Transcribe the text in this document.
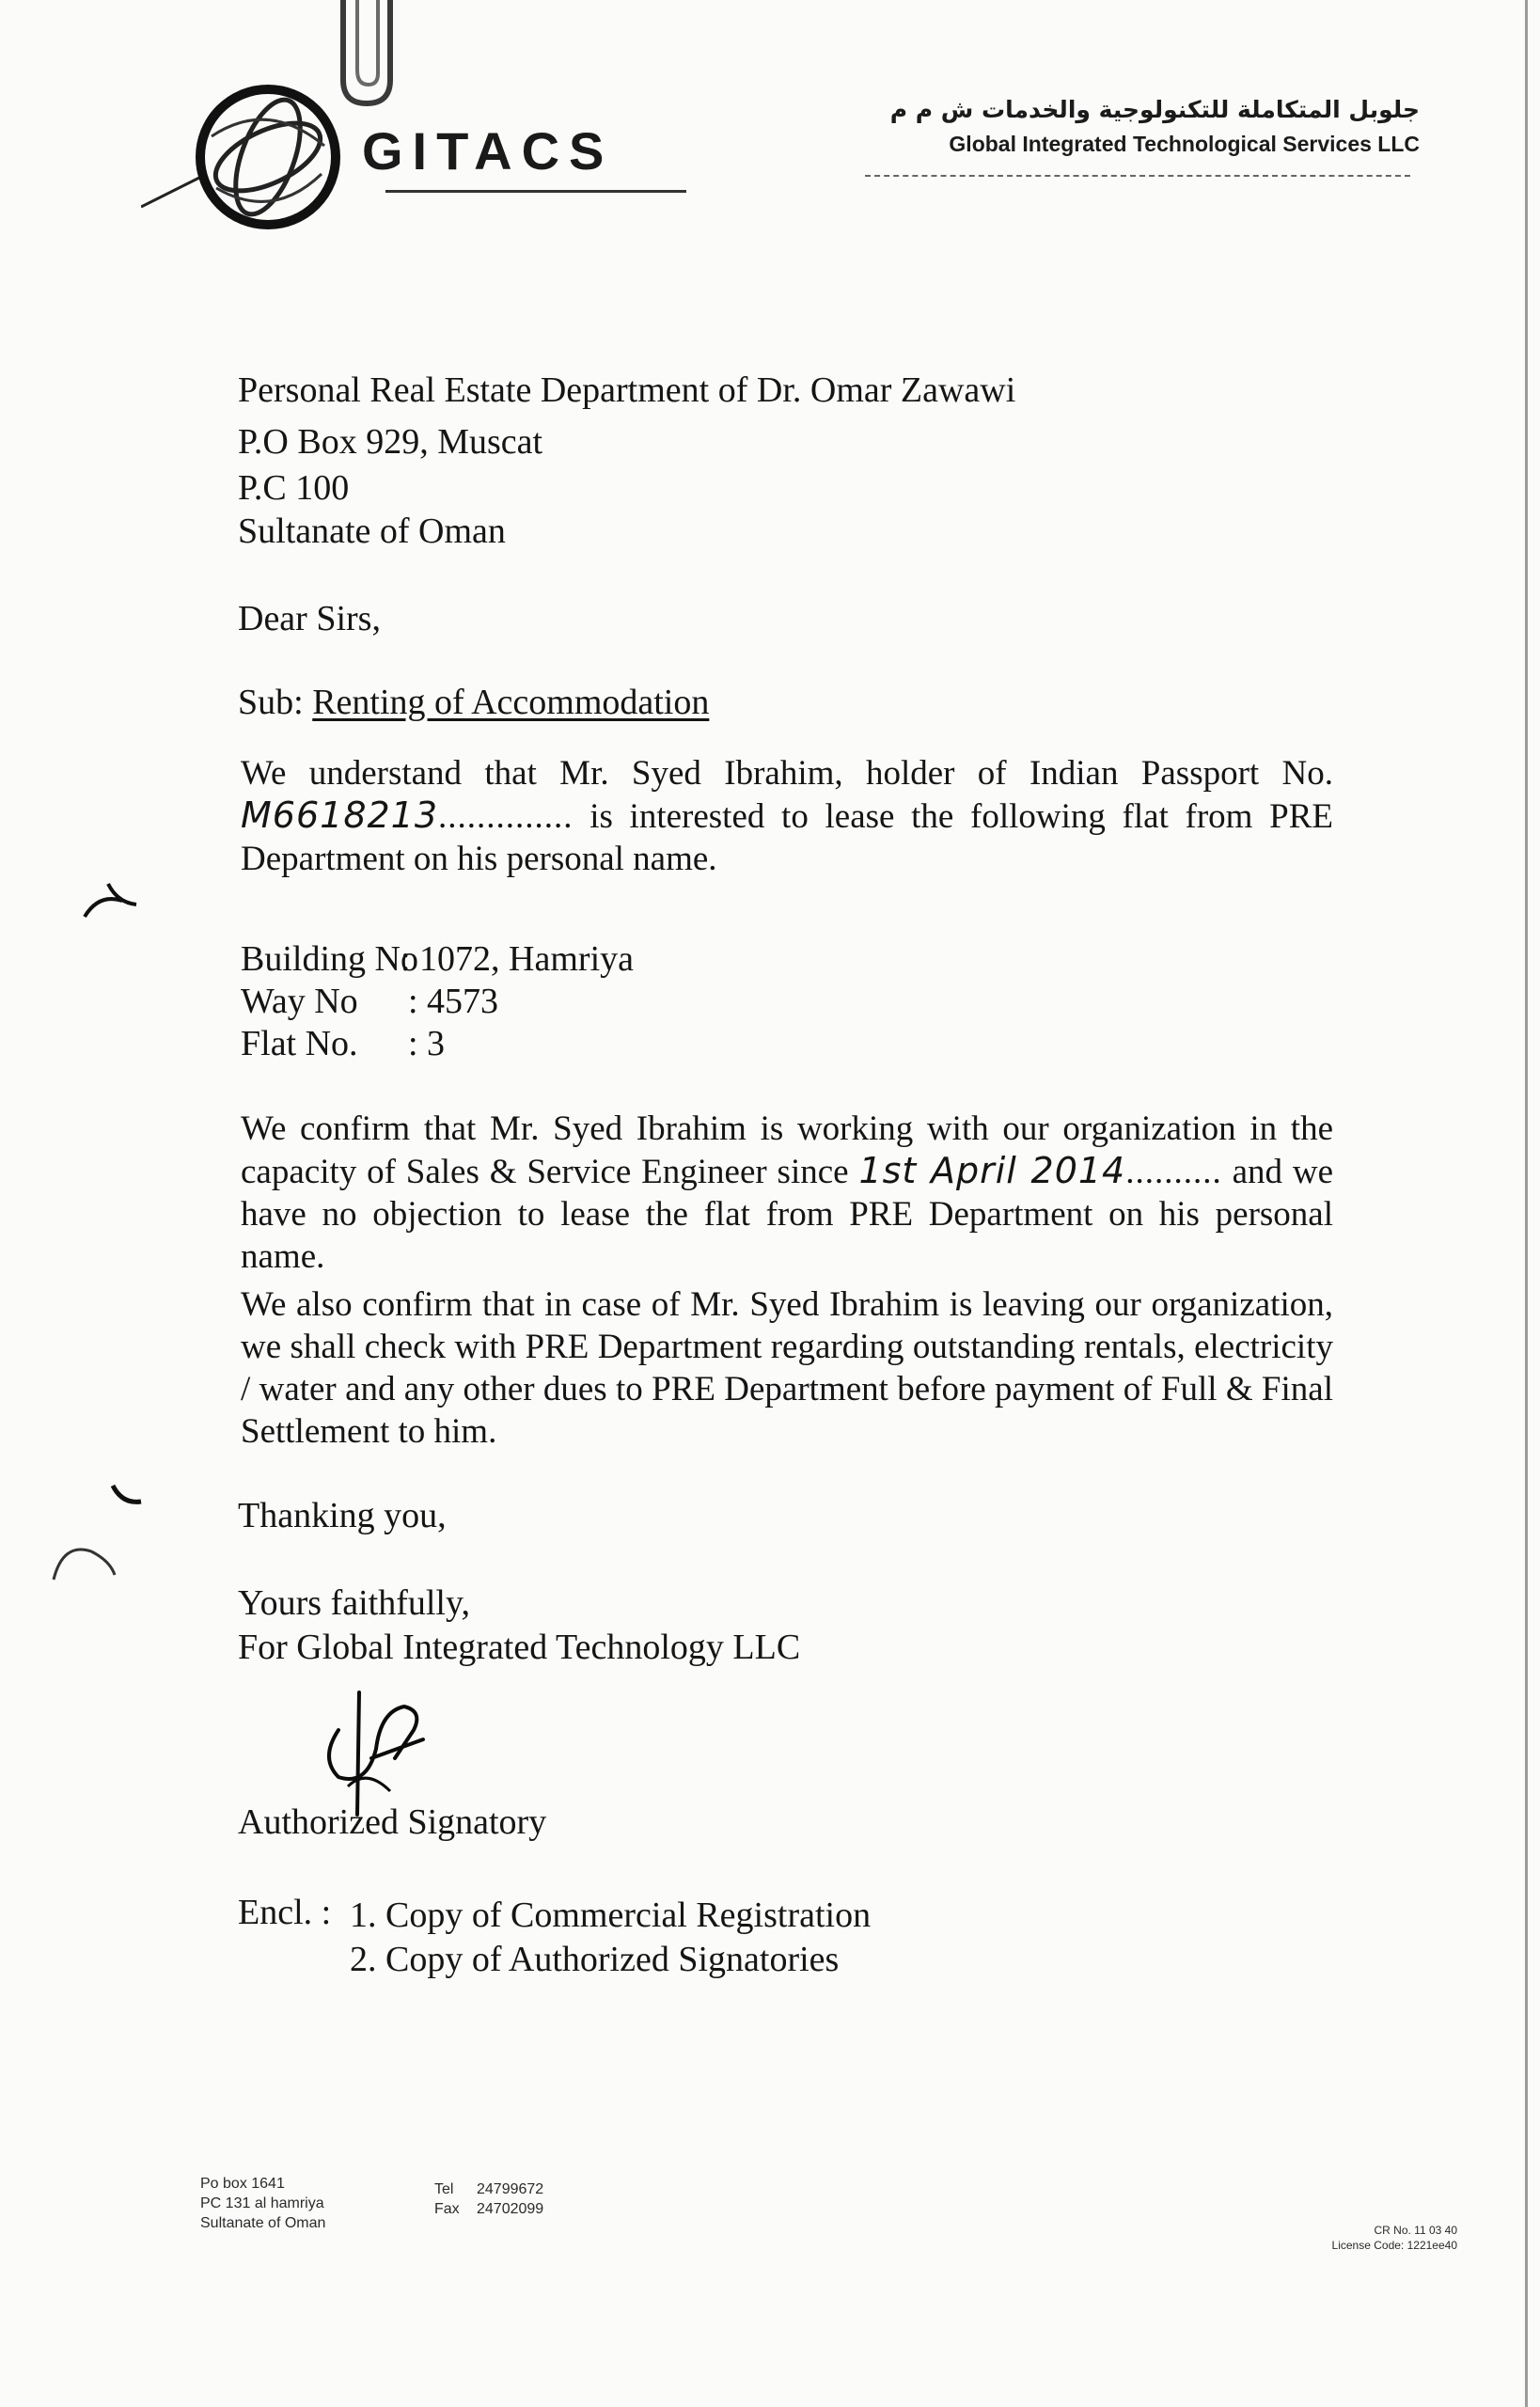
GITACS
جلوبل المتكاملة للتكنولوجية والخدمات ش م م
Global Integrated Technological Services LLC
Personal Real Estate Department of Dr. Omar Zawawi
P.O Box 929, Muscat
P.C 100
Sultanate of Oman
Dear Sirs,
Sub: Renting of Accommodation
We understand that Mr. Syed Ibrahim, holder of Indian Passport No. M6618213.............. is interested to lease the following flat from PRE Department on his personal name.
Building No: 1072, Hamriya
Way No : 4573
Flat No. : 3
We confirm that Mr. Syed Ibrahim is working with our organization in the capacity of Sales & Service Engineer since 1st April 2014.......... and we have no objection to lease the flat from PRE Department on his personal name.
We also confirm that in case of Mr. Syed Ibrahim is leaving our organization, we shall check with PRE Department regarding outstanding rentals, electricity / water and any other dues to PRE Department before payment of Full & Final Settlement to him.
Thanking you,
Yours faithfully,
For Global Integrated Technology LLC
Authorized Signatory
Encl. : 1. Copy of Commercial Registration
2. Copy of Authorized Signatories
Po box 1641
PC 131 al hamriya
Sultanate of Oman
Tel 24799672
Fax 24702099
CR No. 11 03 40
License Code: 1221ee40
